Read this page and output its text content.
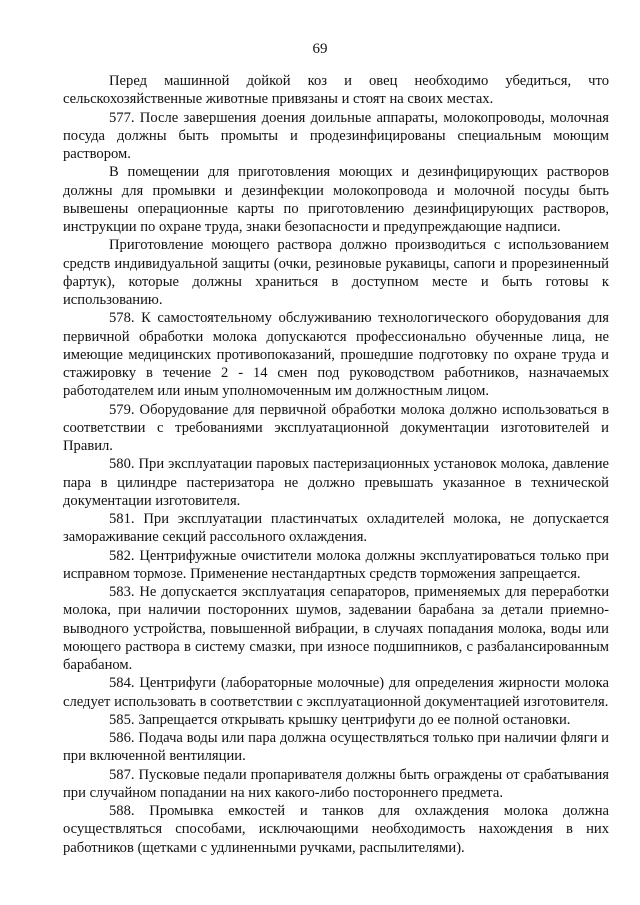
69

Перед машинной дойкой коз и овец необходимо убедиться, что сельскохозяйственные животные привязаны и стоят на своих местах.

577. После завершения доения доильные аппараты, молокопроводы, молочная посуда должны быть промыты и продезинфицированы специальным моющим раствором.

В помещении для приготовления моющих и дезинфицирующих растворов должны для промывки и дезинфекции молокопровода и молочной посуды быть вывешены операционные карты по приготовлению дезинфицирующих растворов, инструкции по охране труда, знаки безопасности и предупреждающие надписи.

Приготовление моющего раствора должно производиться с использованием средств индивидуальной защиты (очки, резиновые рукавицы, сапоги и прорезиненный фартук), которые должны храниться в доступном месте и быть готовы к использованию.

578. К самостоятельному обслуживанию технологического оборудования для первичной обработки молока допускаются профессионально обученные лица, не имеющие медицинских противопоказаний, прошедшие подготовку по охране труда и стажировку в течение 2 - 14 смен под руководством работников, назначаемых работодателем или иным уполномоченным им должностным лицом.

579. Оборудование для первичной обработки молока должно использоваться в соответствии с требованиями эксплуатационной документации изготовителей и Правил.

580. При эксплуатации паровых пастеризационных установок молока, давление пара в цилиндре пастеризатора не должно превышать указанное в технической документации изготовителя.

581. При эксплуатации пластинчатых охладителей молока, не допускается замораживание секций рассольного охлаждения.

582. Центрифужные очистители молока должны эксплуатироваться только при исправном тормозе. Применение нестандартных средств торможения запрещается.

583. Не допускается эксплуатация сепараторов, применяемых для переработки молока, при наличии посторонних шумов, задевании барабана за детали приемно-выводного устройства, повышенной вибрации, в случаях попадания молока, воды или моющего раствора в систему смазки, при износе подшипников, с разбалансированным барабаном.

584. Центрифуги (лабораторные молочные) для определения жирности молока следует использовать в соответствии с эксплуатационной документацией изготовителя.

585. Запрещается открывать крышку центрифуги до ее полной остановки.

586. Подача воды или пара должна осуществляться только при наличии фляги и при включенной вентиляции.

587. Пусковые педали пропаривателя должны быть ограждены от срабатывания при случайном попадании на них какого-либо постороннего предмета.

588. Промывка емкостей и танков для охлаждения молока должна осуществляться способами, исключающими необходимость нахождения в них работников (щетками с удлиненными ручками, распылителями).
